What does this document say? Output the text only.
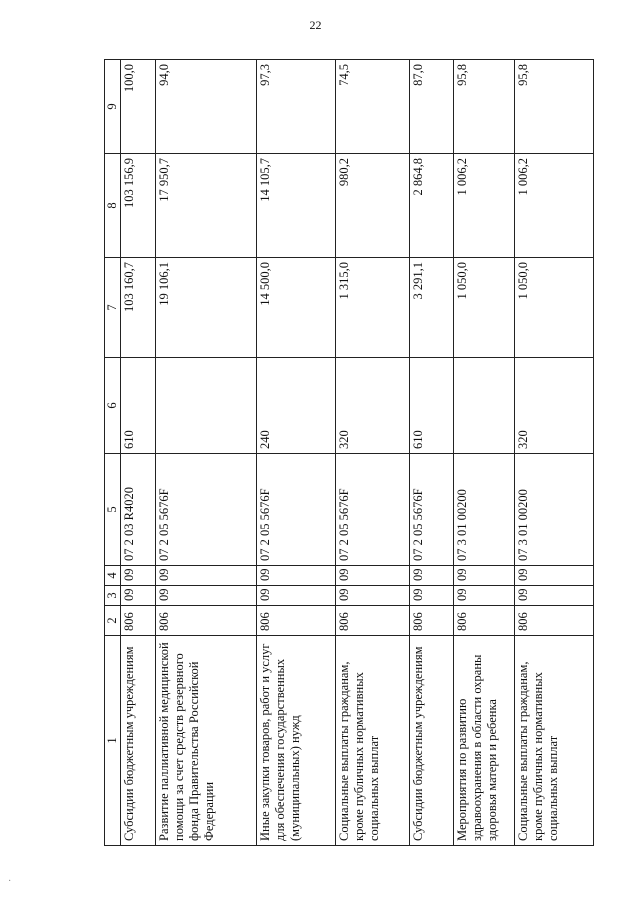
22
1	2	3	4	5	6	7	8	9
Субсидии бюджетным учреждениям	806	09	09	07 2 03 R4020	610	103 160,7	103 156,9	100,0
Развитие паллиативной медицинской помощи за счет средств резервного фонда Правительства Российской Федерации	806	09	09	07 2 05 5676F		19 106,1	17 950,7	94,0
Иные закупки товаров, работ и услуг для обеспечения государственных (муниципальных) нужд	806	09	09	07 2 05 5676F	240	14 500,0	14 105,7	97,3
Социальные выплаты гражданам, кроме публичных нормативных социальных выплат	806	09	09	07 2 05 5676F	320	1 315,0	980,2	74,5
Субсидии бюджетным учреждениям	806	09	09	07 2 05 5676F	610	3 291,1	2 864,8	87,0
Мероприятия по развитию здравоохранения в области охраны здоровья матери и ребенка	806	09	09	07 3 01 00200		1 050,0	1 006,2	95,8
Социальные выплаты гражданам, кроме публичных нормативных социальных выплат	806	09	09	07 3 01 00200	320	1 050,0	1 006,2	95,8
·
